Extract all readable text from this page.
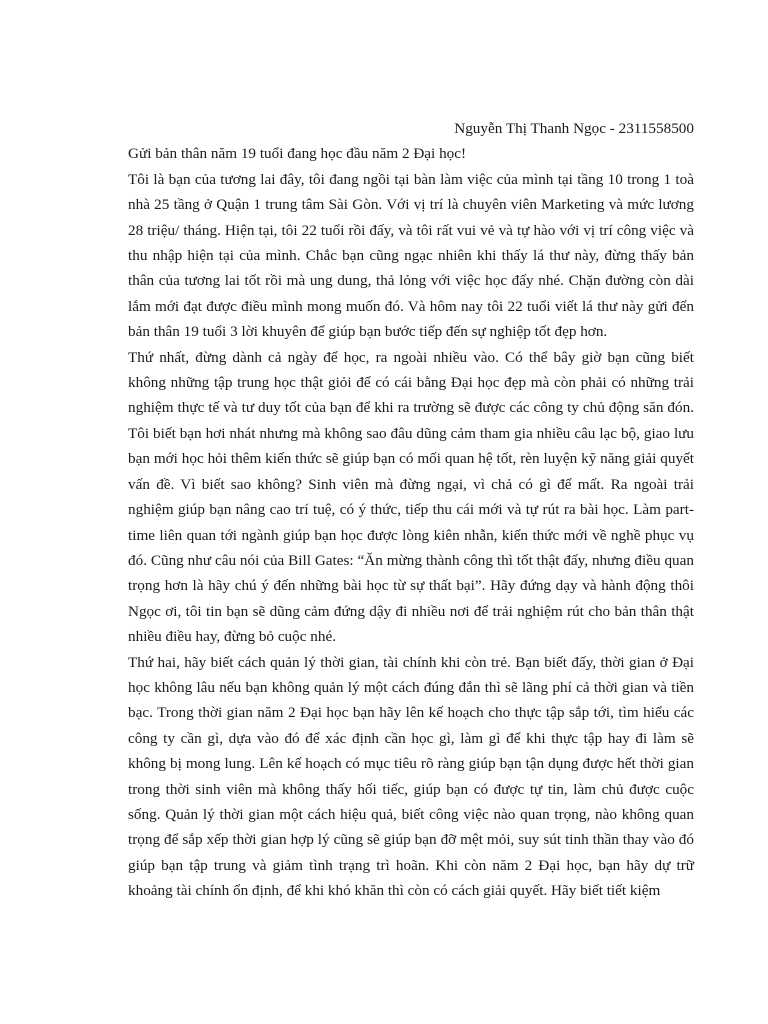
Nguyễn Thị Thanh Ngọc - 2311558500

Gửi bản thân năm 19 tuổi đang học đầu năm 2 Đại học!

Tôi là bạn của tương lai đây, tôi đang ngồi tại bàn làm việc của mình tại tầng 10 trong 1 toà nhà 25 tầng ở Quận 1 trung tâm Sài Gòn. Với vị trí là chuyên viên Marketing và mức lương 28 triệu/ tháng. Hiện tại, tôi 22 tuổi rồi đấy, và tôi rất vui vẻ và tự hào với vị trí công việc và thu nhập hiện tại của mình. Chắc bạn cũng ngạc nhiên khi thấy lá thư này, đừng thấy bản thân của tương lai tốt rồi mà ung dung, thả lỏng với việc học đấy nhé. Chặn đường còn dài lắm mới đạt được điều mình mong muốn đó. Và hôm nay tôi 22 tuổi viết lá thư này gửi đến bản thân 19 tuổi 3 lời khuyên để giúp bạn bước tiếp đến sự nghiệp tốt đẹp hơn.

Thứ nhất, đừng dành cả ngày để học, ra ngoài nhiều vào. Có thể bây giờ bạn cũng biết không những tập trung học thật giỏi để có cái bằng Đại học đẹp mà còn phải có những trải nghiệm thực tế và tư duy tốt của bạn để khi ra trường sẽ được các công ty chủ động săn đón. Tôi biết bạn hơi nhát nhưng mà không sao đâu dũng cảm tham gia nhiều câu lạc bộ, giao lưu bạn mới học hỏi thêm kiến thức sẽ giúp bạn có mối quan hệ tốt, rèn luyện kỹ năng giải quyết vấn đề. Vì biết sao không? Sinh viên mà đừng ngại, vì chả có gì để mất. Ra ngoài trải nghiệm giúp bạn nâng cao trí tuệ, có ý thức, tiếp thu cái mới và tự rút ra bài học. Làm part-time liên quan tới ngành giúp bạn học được lòng kiên nhẫn, kiến thức mới về nghề phục vụ đó. Cũng như câu nói của Bill Gates: “Ăn mừng thành công thì tốt thật đấy, nhưng điều quan trọng hơn là hãy chú ý đến những bài học từ sự thất bại”. Hãy đứng dạy và hành động thôi Ngọc ơi, tôi tin bạn sẽ dũng cảm đứng dậy đi nhiều nơi để trải nghiệm rút cho bản thân thật nhiều điều hay, đừng bỏ cuộc nhé.

Thứ hai, hãy biết cách quản lý thời gian, tài chính khi còn trẻ. Bạn biết đấy, thời gian ở Đại học không lâu nếu bạn không quản lý một cách đúng đắn thì sẽ lãng phí cả thời gian và tiền bạc. Trong thời gian năm 2 Đại học bạn hãy lên kế hoạch cho thực tập sắp tới, tìm hiểu các công ty cần gì, dựa vào đó để xác định cần học gì, làm gì để khi thực tập hay đi làm sẽ không bị mong lung. Lên kế hoạch có mục tiêu rõ ràng giúp bạn tận dụng được hết thời gian trong thời sinh viên mà không thấy hối tiếc, giúp bạn có được tự tin, làm chủ được cuộc sống. Quản lý thời gian một cách hiệu quả, biết công việc nào quan trọng, nào không quan trọng để sắp xếp thời gian hợp lý cũng sẽ giúp bạn đỡ mệt mỏi, suy sút tinh thần thay vào đó giúp bạn tập trung và giảm tình trạng trì hoãn. Khi còn năm 2 Đại học, bạn hãy dự trữ khoảng tài chính ổn định, để khi khó khăn thì còn có cách giải quyết. Hãy biết tiết kiệm
